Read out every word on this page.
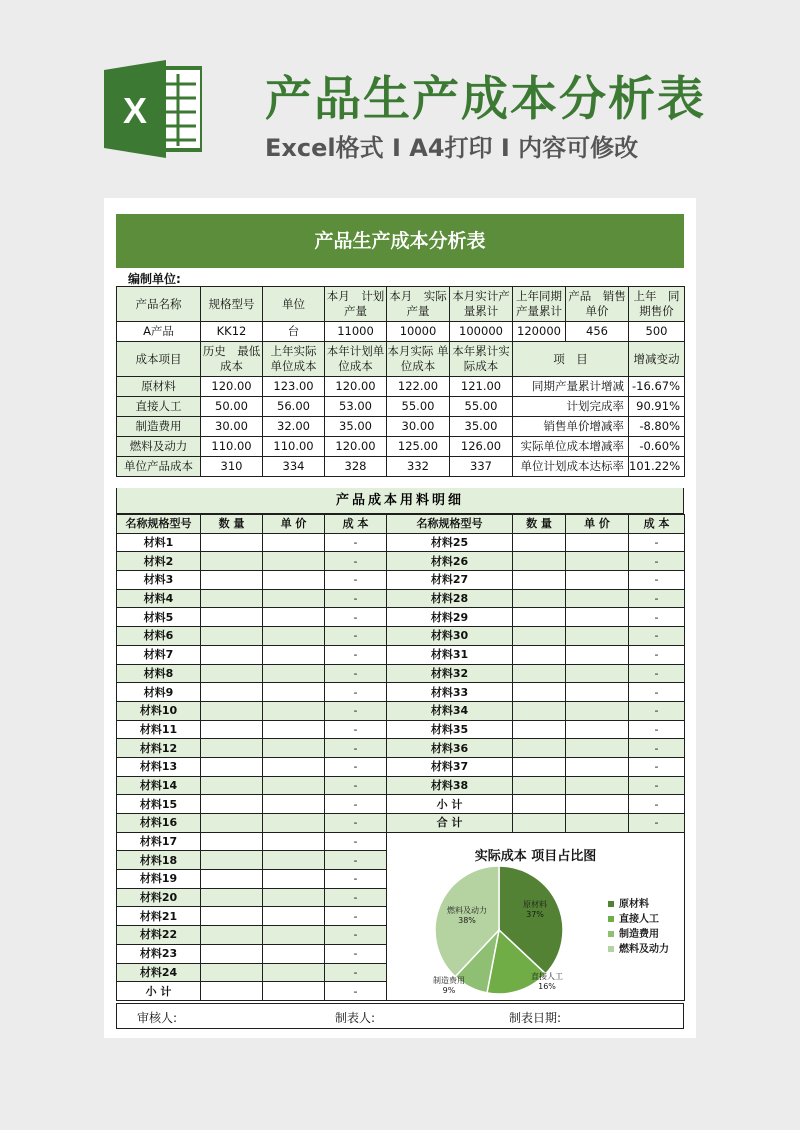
X	产品生产成本分析表
Excel格式 I A4打印 I 内容可修改
产品生产成本分析表
编制单位:
产品名称	规格型号	单位	本月　计划产量	本月　实际产量	本月实计产量累计	上年同期产量累计	产品　销售单价	上年　同期售价
A产品	KK12	台	11000	10000	100000	120000	456	500
成本项目	历史　最低成本	上年实际 单位成本	本年计划单位成本	本月实际 单位成本	本年累计实际成本	项　目		增减变动
原材料	120.00	123.00	120.00	122.00	121.00	同期产量累计增减		-16.67%
直接人工	50.00	56.00	53.00	55.00	55.00	计划完成率		90.91%
制造费用	30.00	32.00	35.00	30.00	35.00	销售单价增减率		-8.80%
燃料及动力	110.00	110.00	120.00	125.00	126.00	实际单位成本增减率		-0.60%
单位产品成本	310	334	328	332	337	单位计划成本达标率		101.22%
产品成本用料明细
名称规格型号	数 量	单 价	成 本	名称规格型号	数 量	单 价	成 本
材料1			-	材料25			-
材料2			-	材料26			-
材料3			-	材料27			-
材料4			-	材料28			-
材料5			-	材料29			-
材料6			-	材料30			-
材料7			-	材料31			-
材料8			-	材料32			-
材料9			-	材料33			-
材料10			-	材料34			-
材料11			-	材料35			-
材料12			-	材料36			-
材料13			-	材料37			-
材料14			-	材料38			-
材料15			-	小 计			-
材料16			-	合 计			-
材料17			-				
材料18			-				
材料19			-				
材料20			-				
材料21			-				
材料22			-				
材料23			-				
材料24			-				
小 计			-				
实际成本 项目占比图
原材料
37%
原材料
直接人工
16%
直接人工
制造费用
9%
制造费用
燃料及动力
38%
燃料及动力
审核人:	制表人:	制表日期:
